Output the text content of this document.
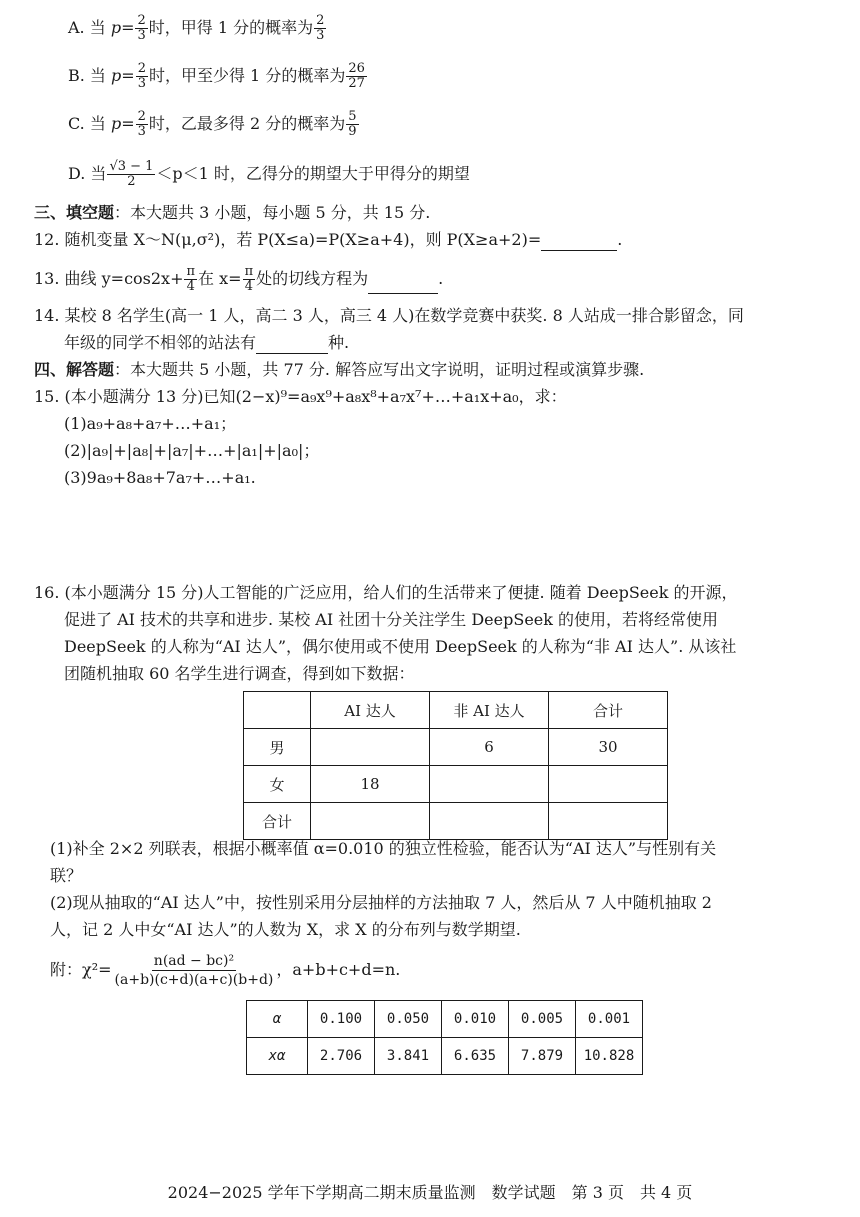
A. 当 $p= \frac{2}{3}$ 时，甲得 1 分的概率为 $\frac{2}{3}$
B. 当 $p= \frac{2}{3}$ 时，甲至少得 1 分的概率为 $\frac{26}{27}$
C. 当 $p= \frac{2}{3}$ 时，乙最多得 2 分的概率为 $\frac{5}{9}$
D. 当 $\frac{√3 - 1}{2} <p<1$ 时，乙得分的期望大于甲得分的期望
三、填空题：本大题共 3 小题，每小题 5 分，共 15 分.
12. 随机变量 X～N(μ,σ²)，若 P(X≤a)=P(X≥a+4)，则 P(X≥a+2)=	.
13. 曲线 $y=\cos 2x+ \frac{\pi}{4}$ 在 $x= \frac{\pi}{4}$ 处的切线方程为	.
14. 某校 8 名学生(高一 1 人，高二 3 人，高三 4 人)在数学竞赛中获奖. 8 人站成一排合影留念，同
年级的同学不相邻的站法有	种.
四、解答题：本大题共 5 小题，共 77 分. 解答应写出文字说明，证明过程或演算步骤.
15. (本小题满分 13 分)已知(2−x)⁹=a₉x⁹+a₈x⁸+a₇x⁷+…+a₁x+a₀，求：
(1)a₉+a₈+a₇+…+a₁；
(2)|a₉|+|a₈|+|a₇|+…+|a₁|+|a₀|；
(3)9a₉+8a₈+7a₇+…+a₁.
16. (本小题满分 15 分)人工智能的广泛应用，给人们的生活带来了便捷. 随着 DeepSeek 的开源，
促进了 AI 技术的共享和进步. 某校 AI 社团十分关注学生 DeepSeek 的使用，若将经常使用
DeepSeek 的人称为“AI 达人”，偶尔使用或不使用 DeepSeek 的人称为“非 AI 达人”. 从该社
团随机抽取 60 名学生进行调查，得到如下数据：
	AI 达人	非 AI 达人	合计
男		6	30
女	18		
合计			
(1)补全 2×2 列联表，根据小概率值 α=0.010 的独立性检验，能否认为“AI 达人”与性别有关
联？
(2)现从抽取的“AI 达人”中，按性别采用分层抽样的方法抽取 7 人，然后从 7 人中随机抽取 2
人，记 2 人中女“AI 达人”的人数为 X，求 X 的分布列与数学期望.
附：$\chi^2= \frac{\text{n(ad − bc)²}}{(a+b)(c+d)(a+c)(b+d)}$ ，a+b+c+d=n.
α	0.100	0.050	0.010	0.005	0.001
xα	2.706	3.841	6.635	7.879	10.828
2024−2025 学年下学期高二期末质量监测　数学试题　第 3 页　共 4 页
